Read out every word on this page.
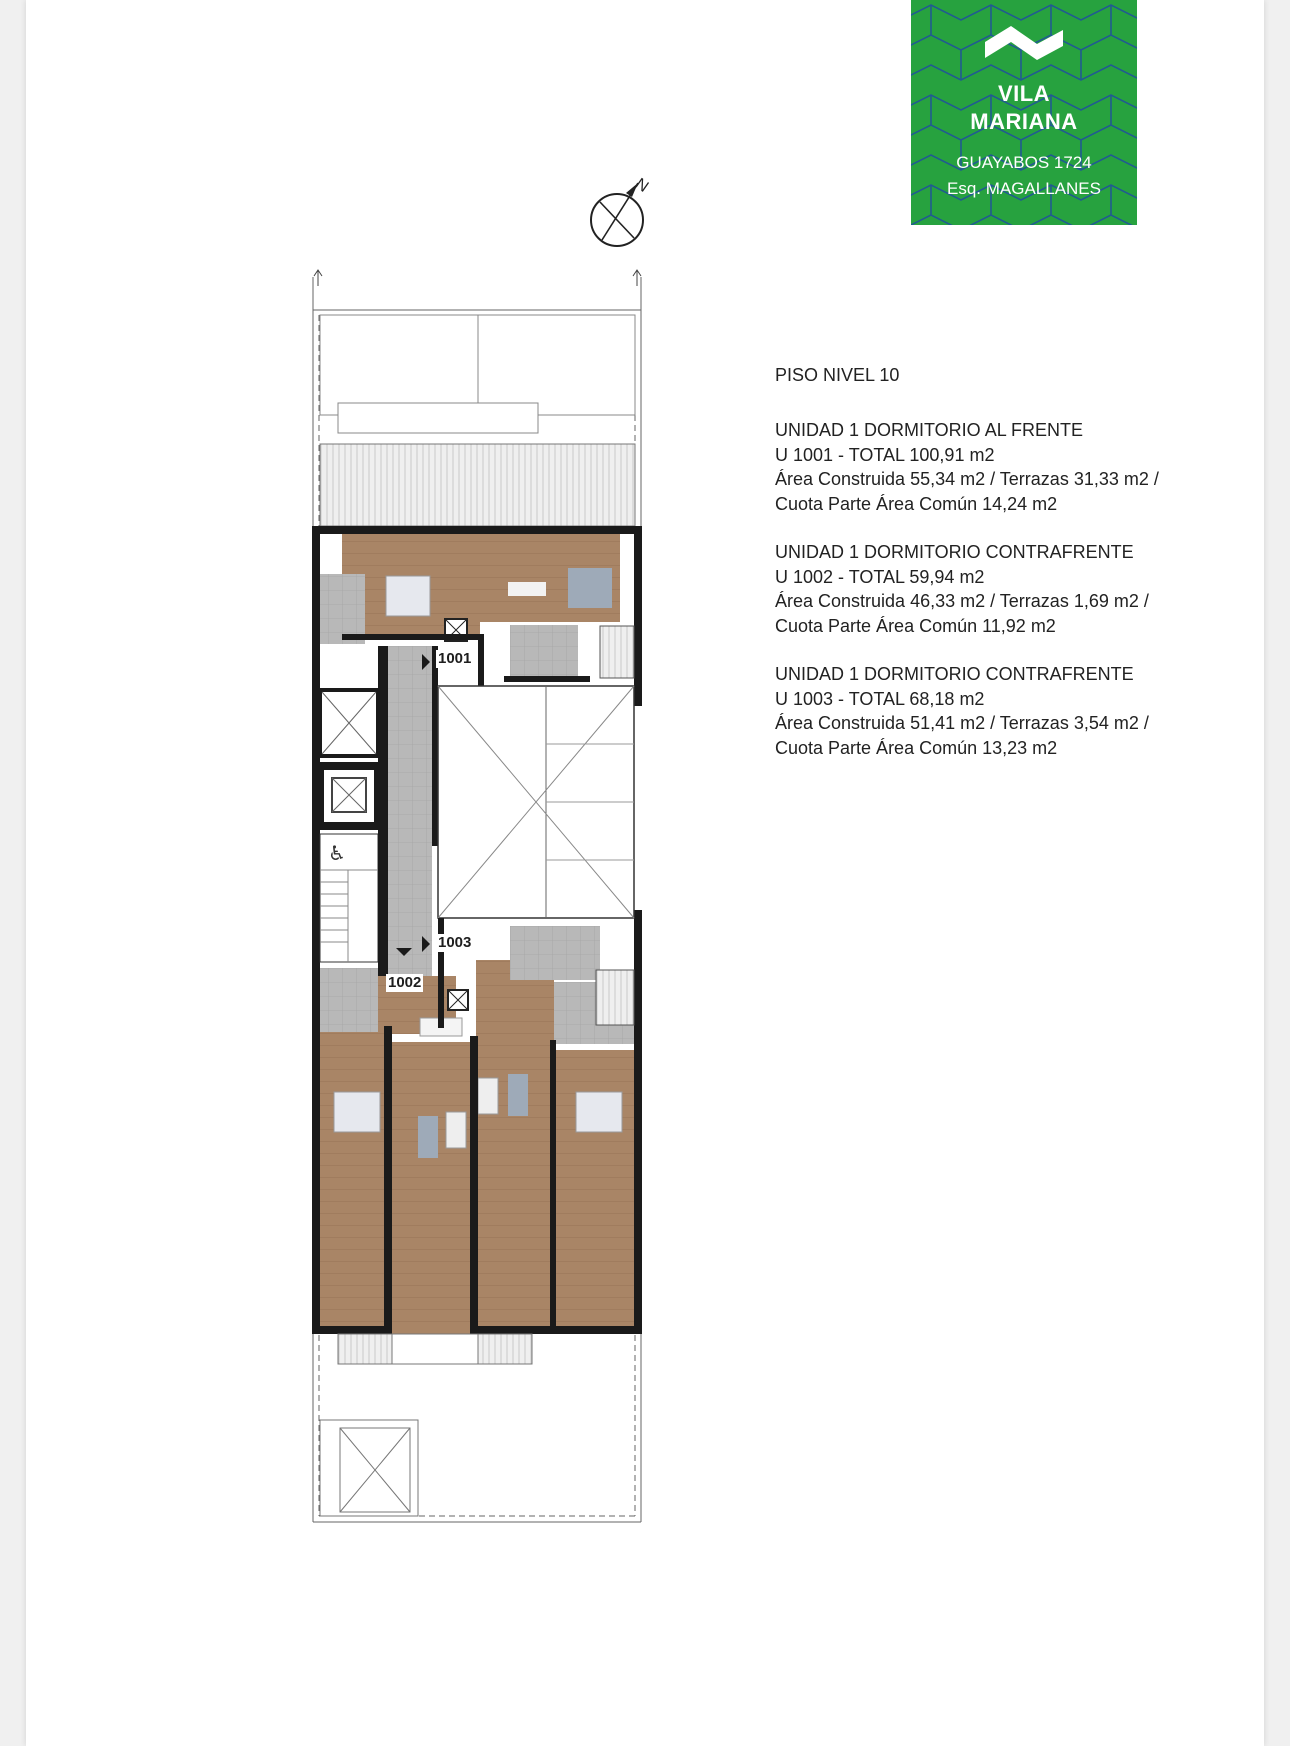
VILA
MARIANA
GUAYABOS 1724
Esq. MAGALLANES
N
♿
1001
1002
1003
PISO NIVEL 10
UNIDAD 1 DORMITORIO AL FRENTE
U 1001 - TOTAL 100,91 m2
Área Construida 55,34 m2 / Terrazas 31,33 m2 /
Cuota Parte Área Común 14,24 m2
UNIDAD 1 DORMITORIO CONTRAFRENTE
U 1002 - TOTAL 59,94 m2
Área Construida 46,33 m2 / Terrazas 1,69 m2 /
Cuota Parte Área Común 11,92 m2
UNIDAD 1 DORMITORIO CONTRAFRENTE
U 1003 - TOTAL 68,18 m2
Área Construida 51,41 m2 / Terrazas 3,54 m2 /
Cuota Parte Área Común 13,23 m2
